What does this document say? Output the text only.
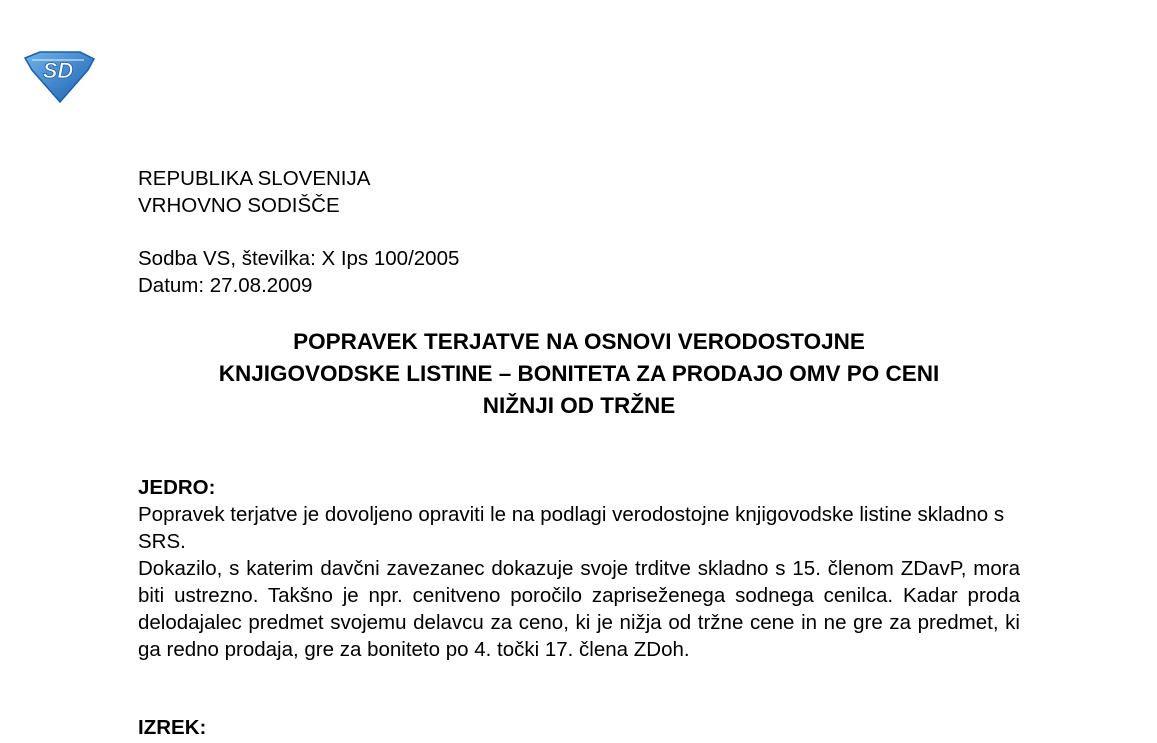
SD
REPUBLIKA SLOVENIJA
VRHOVNO SODIŠČE
Sodba VS, številka: X Ips 100/2005
Datum: 27.08.2009
POPRAVEK TERJATVE NA OSNOVI VERODOSTOJNE
KNJIGOVODSKE LISTINE – BONITETA ZA PRODAJO OMV PO CENI
NIŽNJI OD TRŽNE
JEDRO:

Popravek terjatve je dovoljeno opraviti le na podlagi verodostojne knjigovodske listine skladno s SRS.

Dokazilo, s katerim davčni zavezanec dokazuje svoje trditve skladno s 15. členom ZDavP, mora biti ustrezno. Takšno je npr. cenitveno poročilo zapriseženega sodnega cenilca. Kadar proda delodajalec predmet svojemu delavcu za ceno, ki je nižja od tržne cene in ne gre za predmet, ki ga redno prodaja, gre za boniteto po 4. točki 17. člena ZDoh.

IZREK:
